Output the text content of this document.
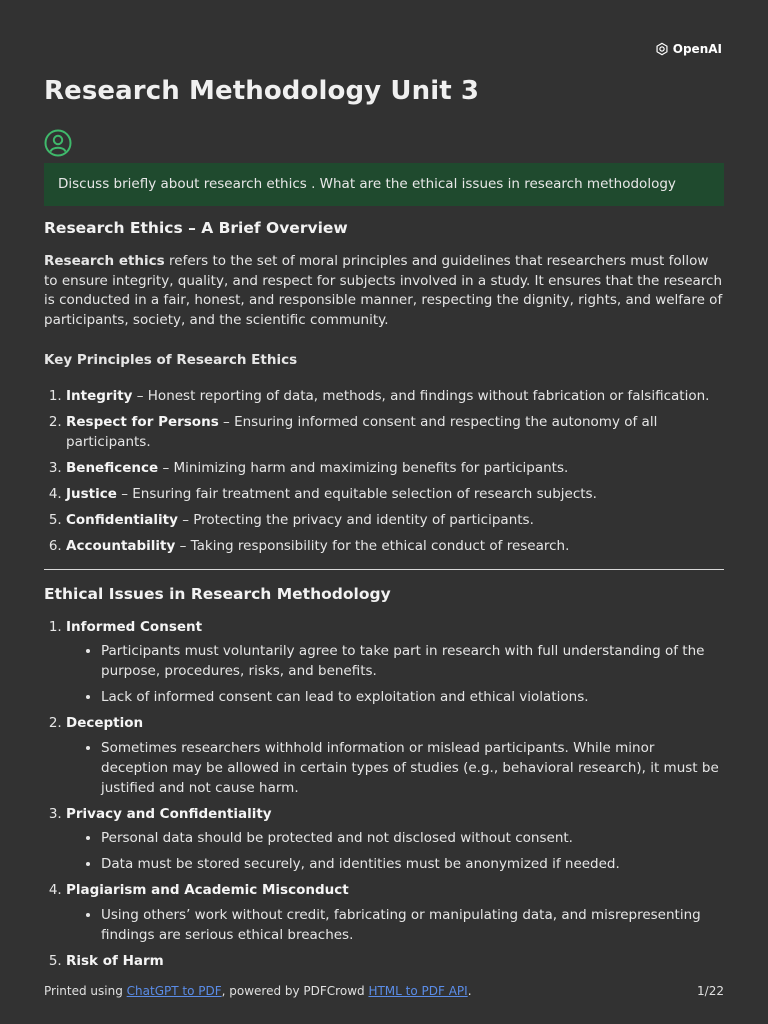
OpenAI
Research Methodology Unit 3
Discuss briefly about research ethics . What are the ethical issues in research methodology
Research Ethics – A Brief Overview

Research ethics refers to the set of moral principles and guidelines that researchers must follow to ensure integrity, quality, and respect for subjects involved in a study. It ensures that the research is conducted in a fair, honest, and responsible manner, respecting the dignity, rights, and welfare of participants, society, and the scientific community.

Key Principles of Research Ethics
1. Integrity – Honest reporting of data, methods, and findings without fabrication or falsification.
2. Respect for Persons – Ensuring informed consent and respecting the autonomy of all participants.
3. Beneficence – Minimizing harm and maximizing benefits for participants.
4. Justice – Ensuring fair treatment and equitable selection of research subjects.
5. Confidentiality – Protecting the privacy and identity of participants.
6. Accountability – Taking responsibility for the ethical conduct of research.
Ethical Issues in Research Methodology
1. Informed Consent
• Participants must voluntarily agree to take part in research with full understanding of the purpose, procedures, risks, and benefits.
• Lack of informed consent can lead to exploitation and ethical violations.
2. Deception
• Sometimes researchers withhold information or mislead participants. While minor deception may be allowed in certain types of studies (e.g., behavioral research), it must be justified and not cause harm.
3. Privacy and Confidentiality
• Personal data should be protected and not disclosed without consent.
• Data must be stored securely, and identities must be anonymized if needed.
4. Plagiarism and Academic Misconduct
• Using others’ work without credit, fabricating or manipulating data, and misrepresenting findings are serious ethical breaches.
5. Risk of Harm
Printed using ChatGPT to PDF, powered by PDFCrowd HTML to PDF API.	1/22
